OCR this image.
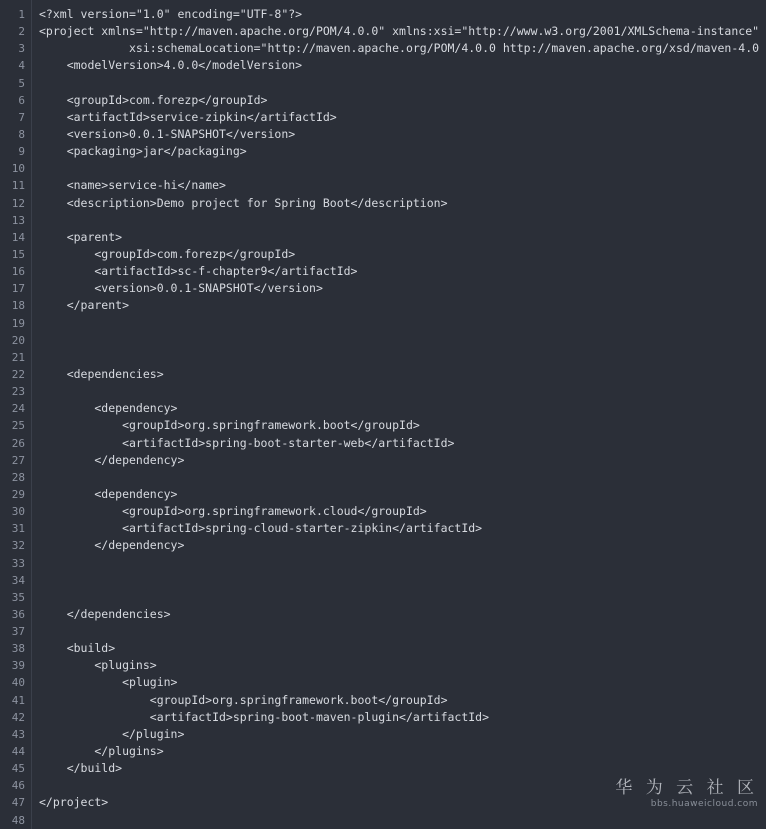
1
2
3
4
5
6
7
8
9
10
11
12
13
14
15
16
17
18
19
20
21
22
23
24
25
26
27
28
29
30
31
32
33
34
35
36
37
38
39
40
41
42
43
44
45
46
47
48
<?xml version="1.0" encoding="UTF-8"?>
<project xmlns="http://maven.apache.org/POM/4.0.0" xmlns:xsi="http://www.w3.org/2001/XMLSchema-instance"
xsi:schemaLocation="http://maven.apache.org/POM/4.0.0 http://maven.apache.org/xsd/maven-4.0
<modelVersion>4.0.0</modelVersion>
<groupId>com.forezp</groupId>
<artifactId>service-zipkin</artifactId>
<version>0.0.1-SNAPSHOT</version>
<packaging>jar</packaging>
<name>service-hi</name>
<description>Demo project for Spring Boot</description>
<parent>
<groupId>com.forezp</groupId>
<artifactId>sc-f-chapter9</artifactId>
<version>0.0.1-SNAPSHOT</version>
</parent>
<dependencies>
<dependency>
<groupId>org.springframework.boot</groupId>
<artifactId>spring-boot-starter-web</artifactId>
</dependency>
<dependency>
<groupId>org.springframework.cloud</groupId>
<artifactId>spring-cloud-starter-zipkin</artifactId>
</dependency>
</dependencies>
<build>
<plugins>
<plugin>
<groupId>org.springframework.boot</groupId>
<artifactId>spring-boot-maven-plugin</artifactId>
</plugin>
</plugins>
</build>
</project>
华 为 云 社 区
bbs.huaweicloud.com
